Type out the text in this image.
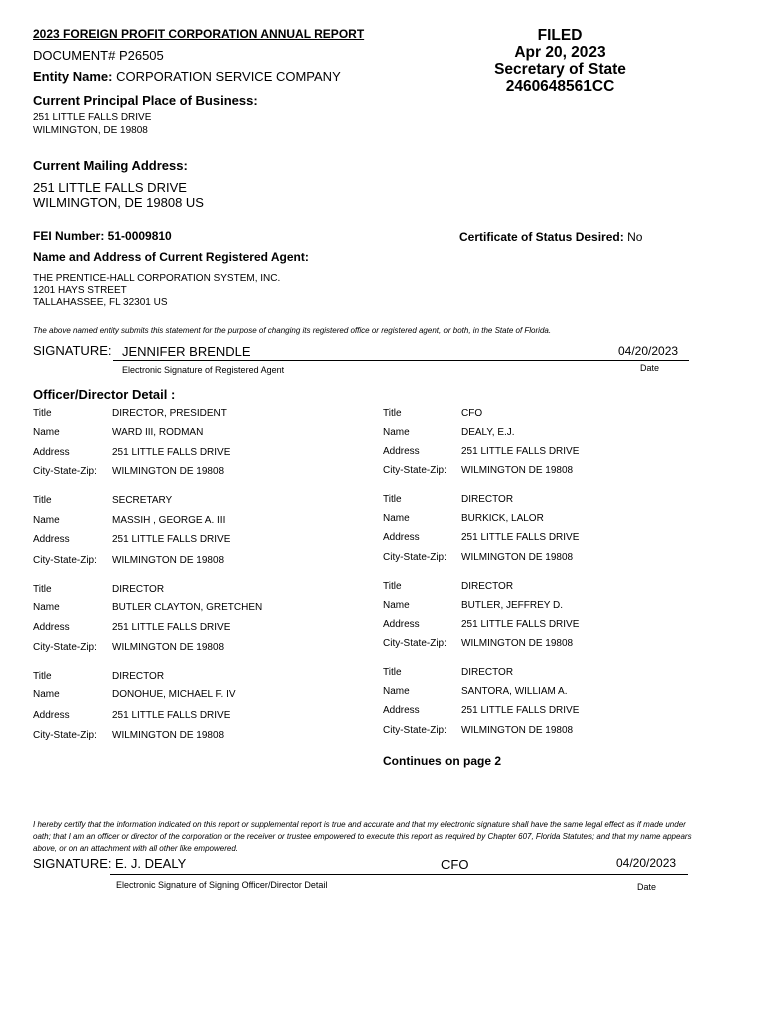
2023 FOREIGN PROFIT CORPORATION ANNUAL REPORT
DOCUMENT# P26505
Entity Name: CORPORATION SERVICE COMPANY
Current Principal Place of Business:
251 LITTLE FALLS DRIVE
WILMINGTON, DE 19808
FILED
Apr 20, 2023
Secretary of State
2460648561CC
Current Mailing Address:
251 LITTLE FALLS DRIVE
WILMINGTON, DE 19808 US
FEI Number: 51-0009810	Certificate of Status Desired: No
Name and Address of Current Registered Agent:
THE PRENTICE-HALL CORPORATION SYSTEM, INC.
1201 HAYS STREET
TALLAHASSEE, FL 32301 US
The above named entity submits this statement for the purpose of changing its registered office or registered agent, or both, in the State of Florida.
SIGNATURE: JENNIFER BRENDLE	04/20/2023
Electronic Signature of Registered Agent	Date
Officer/Director Detail :
Title	DIRECTOR, PRESIDENT
Name	WARD III, RODMAN
Address	251 LITTLE FALLS DRIVE
City-State-Zip: WILMINGTON DE 19808
Title	SECRETARY
Name	MASSIH , GEORGE A. III
Address	251 LITTLE FALLS DRIVE
City-State-Zip: WILMINGTON DE 19808
Title	DIRECTOR
Name	BUTLER CLAYTON, GRETCHEN
Address	251 LITTLE FALLS DRIVE
City-State-Zip: WILMINGTON DE 19808
Title	DIRECTOR
Name	DONOHUE, MICHAEL F. IV
Address	251 LITTLE FALLS DRIVE
City-State-Zip: WILMINGTON DE 19808
Title	CFO
Name	DEALY, E.J.
Address	251 LITTLE FALLS DRIVE
City-State-Zip: WILMINGTON DE 19808
Title	DIRECTOR
Name	BURKICK, LALOR
Address	251 LITTLE FALLS DRIVE
City-State-Zip: WILMINGTON DE 19808
Title	DIRECTOR
Name	BUTLER, JEFFREY D.
Address	251 LITTLE FALLS DRIVE
City-State-Zip: WILMINGTON DE 19808
Title	DIRECTOR
Name	SANTORA, WILLIAM A.
Address	251 LITTLE FALLS DRIVE
City-State-Zip: WILMINGTON DE 19808
Continues on page 2
I hereby certify that the information indicated on this report or supplemental report is true and accurate and that my electronic signature shall have the same legal effect as if made under oath; that I am an officer or director of the corporation or the receiver or trustee empowered to execute this report as required by Chapter 607, Florida Statutes; and that my name appears above, or on an attachment with all other like empowered.
SIGNATURE: E. J. DEALY	CFO	04/20/2023
Electronic Signature of Signing Officer/Director Detail	Date
